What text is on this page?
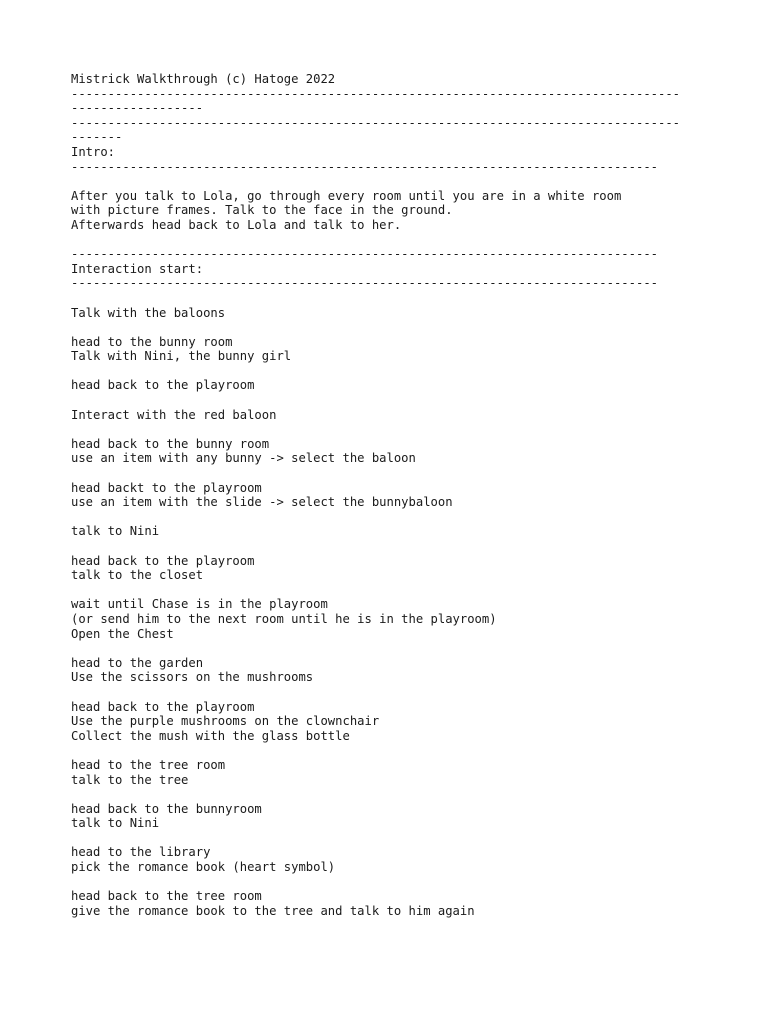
Mistrick Walkthrough (c) Hatoge 2022
-----------------------------------------------------------------------------------
------------------
-----------------------------------------------------------------------------------
-------
Intro:
--------------------------------------------------------------------------------
After you talk to Lola, go through every room until you are in a white room
with picture frames. Talk to the face in the ground.
Afterwards head back to Lola and talk to her.
--------------------------------------------------------------------------------
Interaction start:
--------------------------------------------------------------------------------
Talk with the baloons
head to the bunny room
Talk with Nini, the bunny girl
head back to the playroom
Interact with the red baloon
head back to the bunny room
use an item with any bunny -> select the baloon
head backt to the playroom
use an item with the slide -> select the bunnybaloon
talk to Nini
head back to the playroom
talk to the closet
wait until Chase is in the playroom
(or send him to the next room until he is in the playroom)
Open the Chest
head to the garden
Use the scissors on the mushrooms
head back to the playroom
Use the purple mushrooms on the clownchair
Collect the mush with the glass bottle
head to the tree room
talk to the tree
head back to the bunnyroom
talk to Nini
head to the library
pick the romance book (heart symbol)
head back to the tree room
give the romance book to the tree and talk to him again
